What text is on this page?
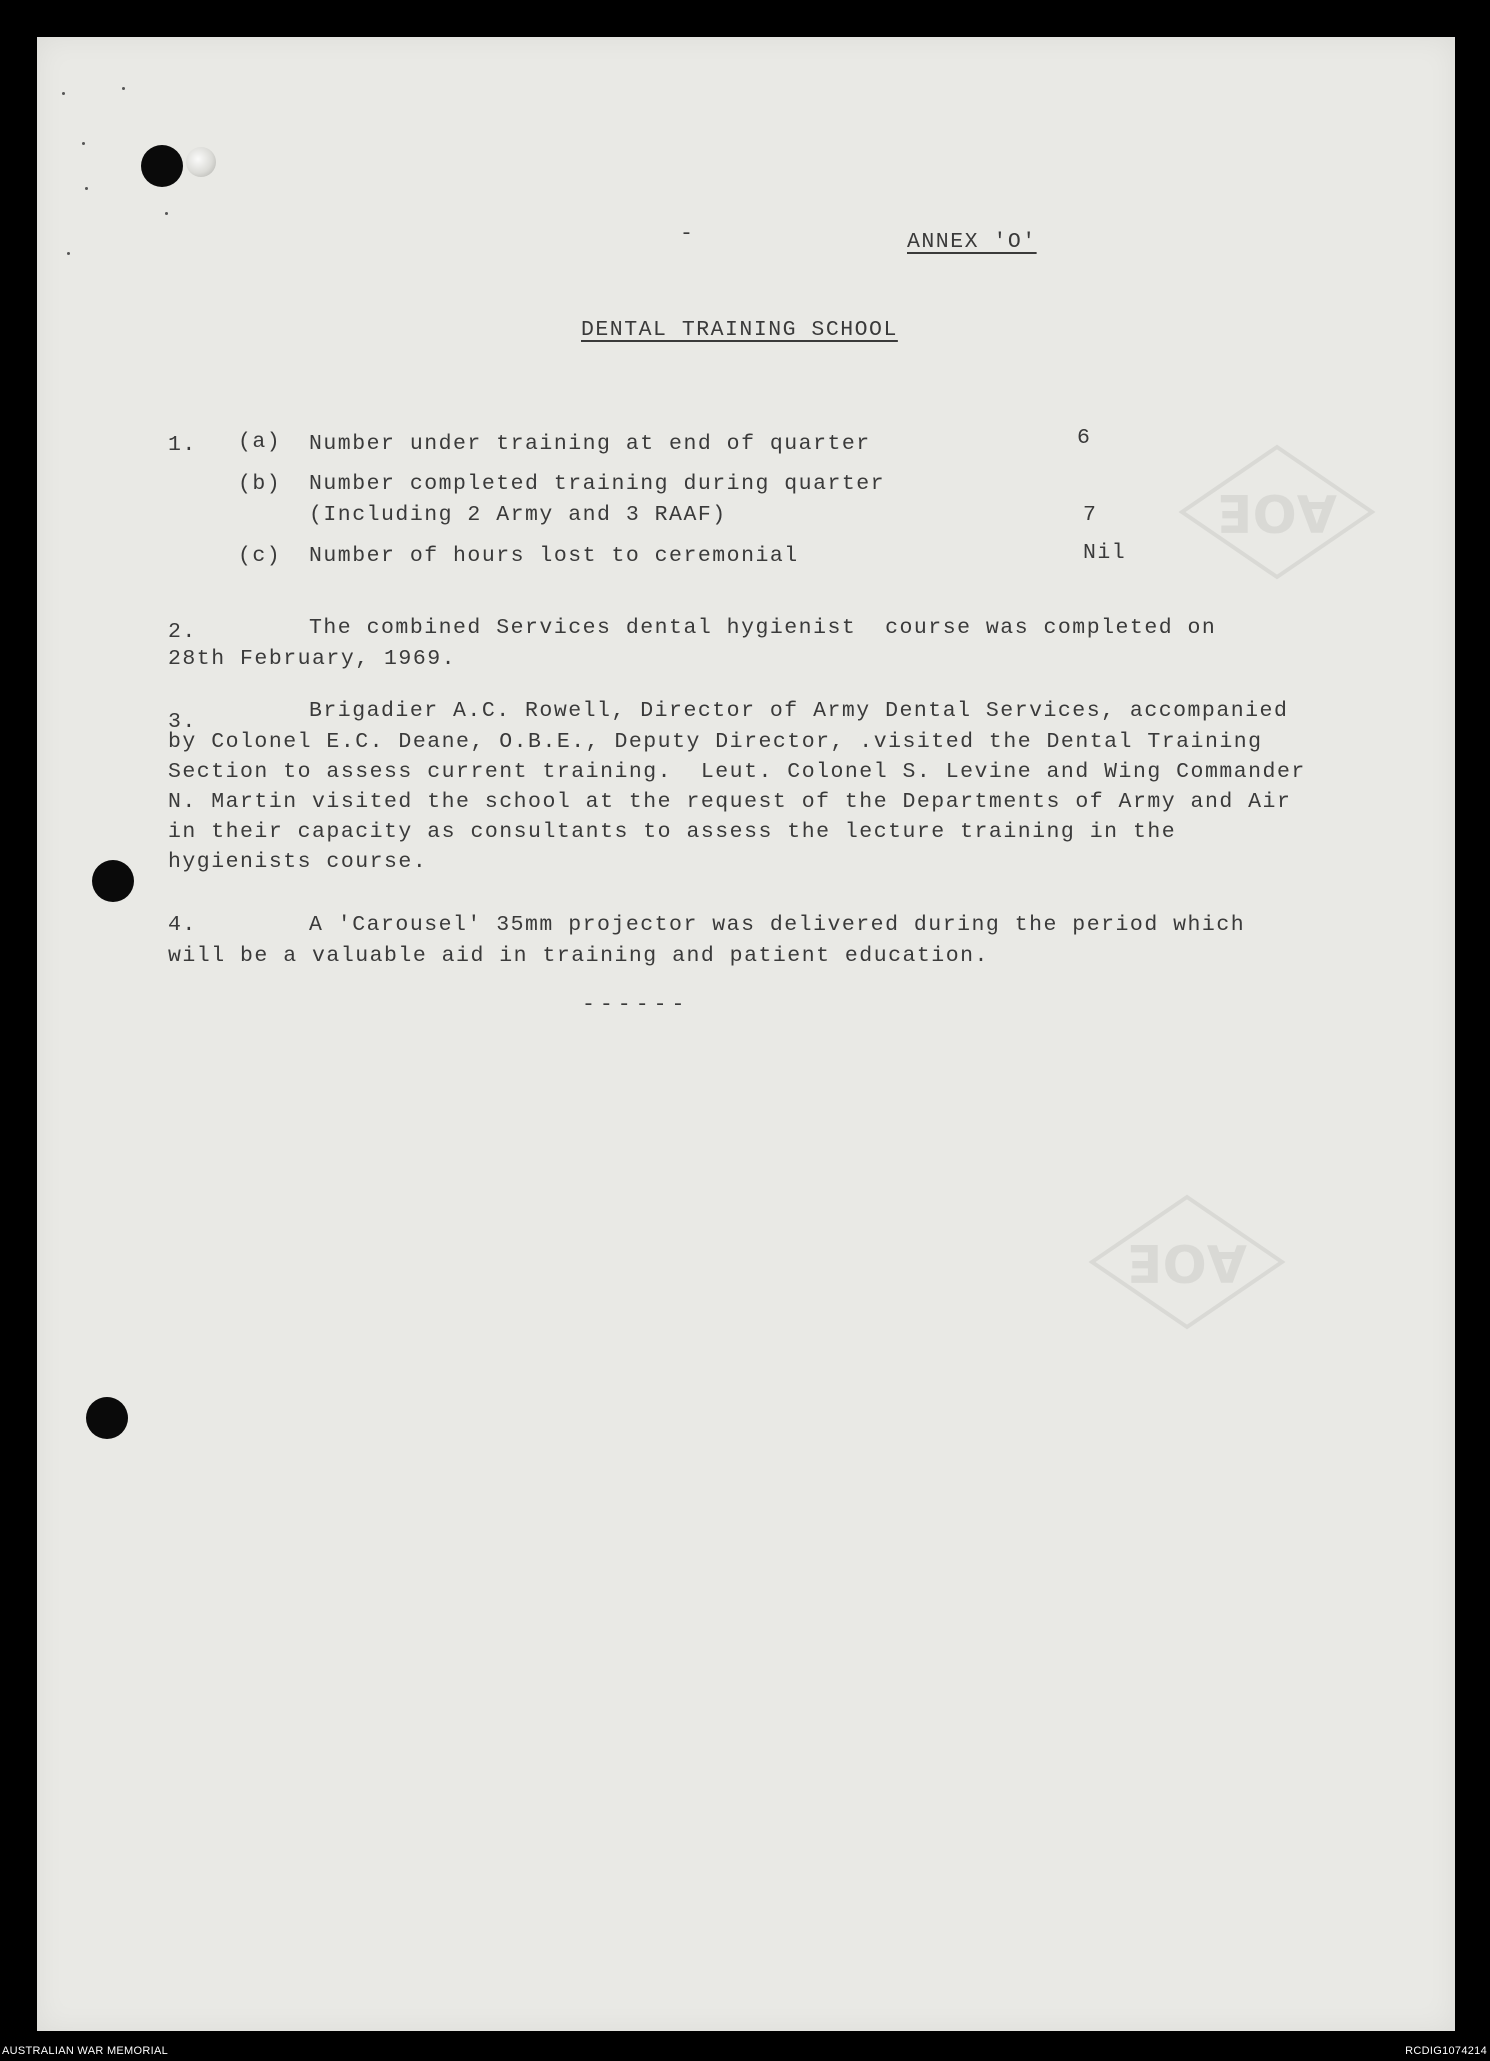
AOE
AOE
-	ANNEX 'O'
DENTAL TRAINING SCHOOL
1. (a) Number under training at end of quarter	6
(b) Number completed training during quarter
(Including 2 Army and 3 RAAF)	7
(c) Number of hours lost to ceremonial	Nil
2.	The combined Services dental hygienist  course was completed on
28th February, 1969.
3.	Brigadier A.C. Rowell, Director of Army Dental Services, accompanied
by Colonel E.C. Deane, O.B.E., Deputy Director, .visited the Dental Training
Section to assess current training.  Leut. Colonel S. Levine and Wing Commander
N. Martin visited the school at the request of the Departments of Army and Air
in their capacity as consultants to assess the lecture training in the
hygienists course.
4.	A 'Carousel' 35mm projector was delivered during the period which
will be a valuable aid in training and patient education.
------
AUSTRALIAN WAR MEMORIAL	RCDIG1074214
